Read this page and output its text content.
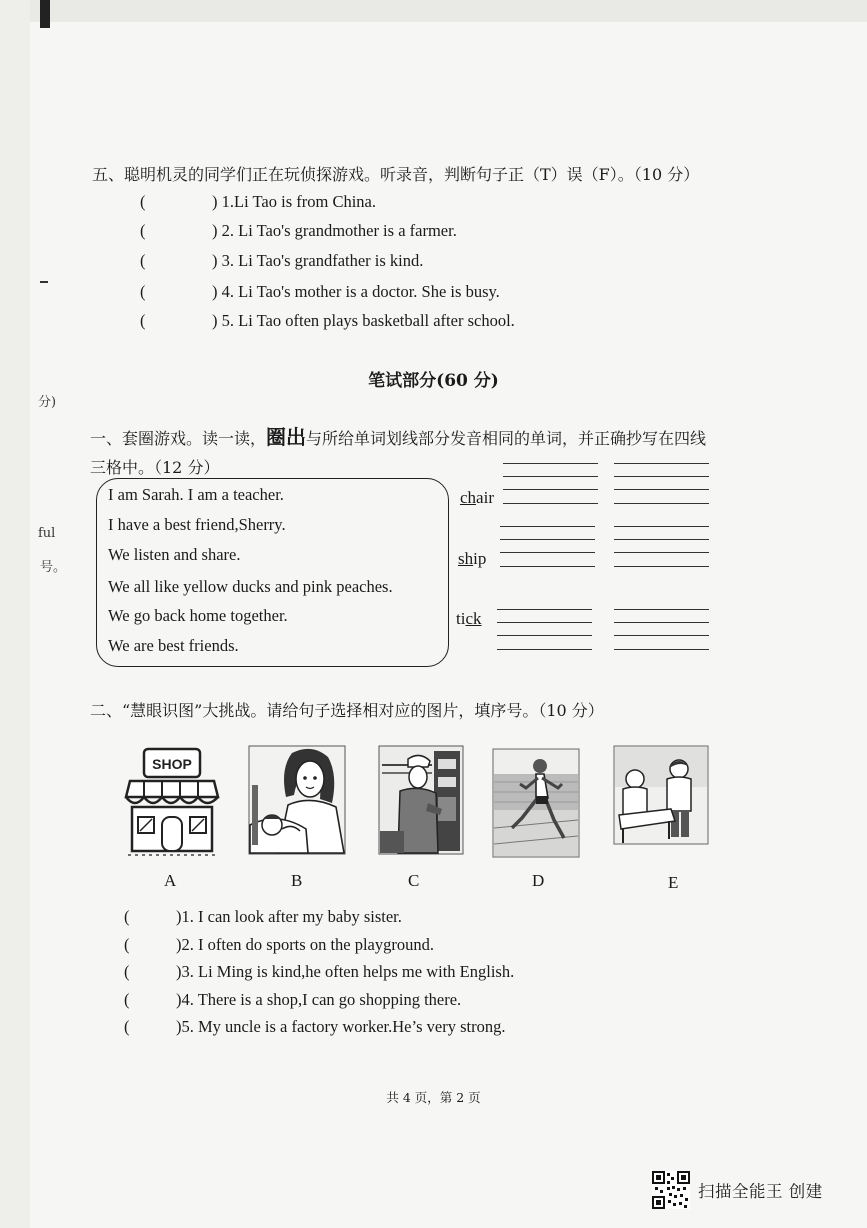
分)
ful
号。
五、聪明机灵的同学们正在玩侦探游戏。听录音，判断句子正（T）误（F）。（10 分）
(	) 1.Li Tao is from China.
(	) 2. Li Tao's grandmother is a farmer.
(	) 3. Li Tao's grandfather is kind.
(	) 4. Li Tao's mother is a doctor. She is busy.
(	) 5. Li Tao often plays basketball after school.
笔试部分(60 分)
一、套圈游戏。读一读，圈出与所给单词划线部分发音相同的单词，并正确抄写在四线
三格中。（12 分）
I am Sarah. I am a teacher.
I have a best friend,Sherry.
We listen and share.
We all like yellow ducks and pink peaches.
We go back home together.
We are best friends.
chair
ship
tick
二、“慧眼识图”大挑战。请给句子选择相对应的图片，填序号。（10 分）
SHOP
A	B	C	D	E
(	)1. I can look after my baby sister.
(	)2. I often do sports on the playground.
(	)3. Li Ming is kind,he often helps me with English.
(	)4. There is a shop,I can go shopping there.
(	)5. My uncle is a factory worker.He’s very strong.
共 4 页，第 2 页
扫描全能王 创建
